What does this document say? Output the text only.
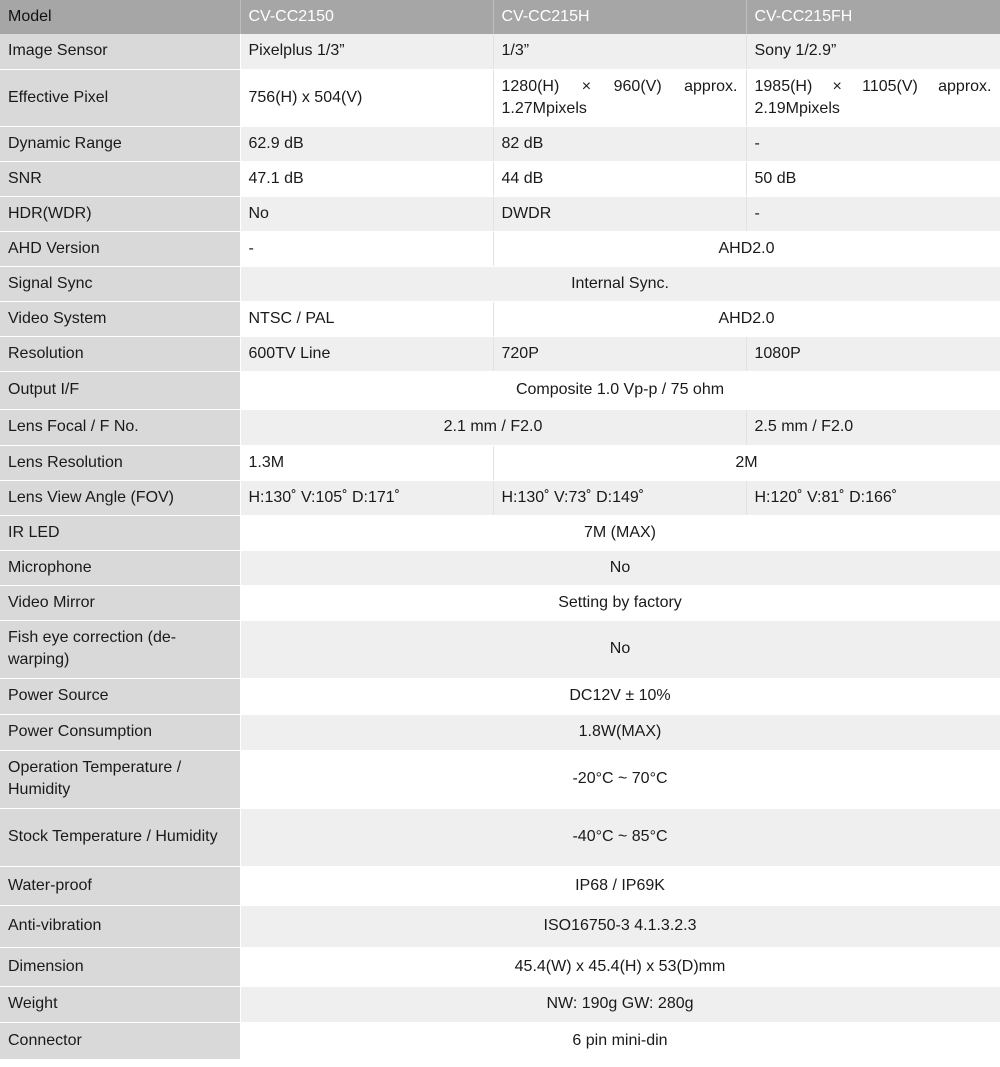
Model	CV-CC2150	CV-CC215H	CV-CC215FH
Image Sensor	Pixelplus 1/3”	1/3”	Sony 1/2.9”
Effective Pixel	756(H) x 504(V)	1280(H) × 960(V) approx. 1.27Mpixels	1985(H) × 1105(V) approx. 2.19Mpixels
Dynamic Range	62.9 dB	82 dB	-
SNR	47.1 dB	44 dB	50 dB
HDR(WDR)	No	DWDR	-
AHD Version	-	AHD2.0	
Signal Sync	Internal Sync.		
Video System	NTSC / PAL	AHD2.0	
Resolution	600TV Line	720P	1080P
Output I/F	Composite 1.0 Vp-p / 75 ohm		
Lens Focal / F No.	2.1 mm / F2.0		2.5 mm / F2.0
Lens Resolution	1.3M	2M	
Lens View Angle (FOV)	H:130˚ V:105˚ D:171˚	H:130˚ V:73˚ D:149˚	H:120˚ V:81˚ D:166˚
IR LED	7M (MAX)		
Microphone	No		
Video Mirror	Setting by factory		
Fish eye correction (de-warping)	No		
Power Source	DC12V ± 10%		
Power Consumption	1.8W(MAX)		
Operation Temperature / Humidity	-20°C ~ 70°C		
Stock Temperature / Humidity	-40°C ~ 85°C		
Water-proof	IP68 / IP69K		
Anti-vibration	ISO16750-3 4.1.3.2.3		
Dimension	45.4(W) x 45.4(H) x 53(D)mm		
Weight	NW: 190g GW: 280g		
Connector	6 pin mini-din		
